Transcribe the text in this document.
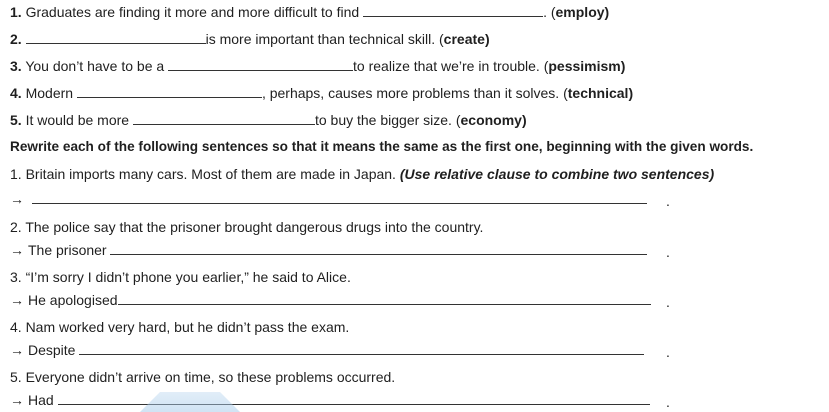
1. Graduates are finding it more and more difficult to find	. (employ)
2.	is more important than technical skill. (create)
3. You don’t have to be a	to realize that we’re in trouble. (pessimism)
4. Modern	, perhaps, causes more problems than it solves. (technical)
5. It would be more	to buy the bigger size. (economy)
Rewrite each of the following sentences so that it means the same as the first one, beginning with the given words.
1. Britain imports many cars. Most of them are made in Japan. (Use relative clause to combine two sentences)
→	.
2. The police say that the prisoner brought dangerous drugs into the country.
→ The prisoner	.
3. “I’m sorry I didn’t phone you earlier,” he said to Alice.
→ He apologised	.
4. Nam worked very hard, but he didn’t pass the exam.
→ Despite	.
5. Everyone didn’t arrive on time, so these problems occurred.
→ Had	.
